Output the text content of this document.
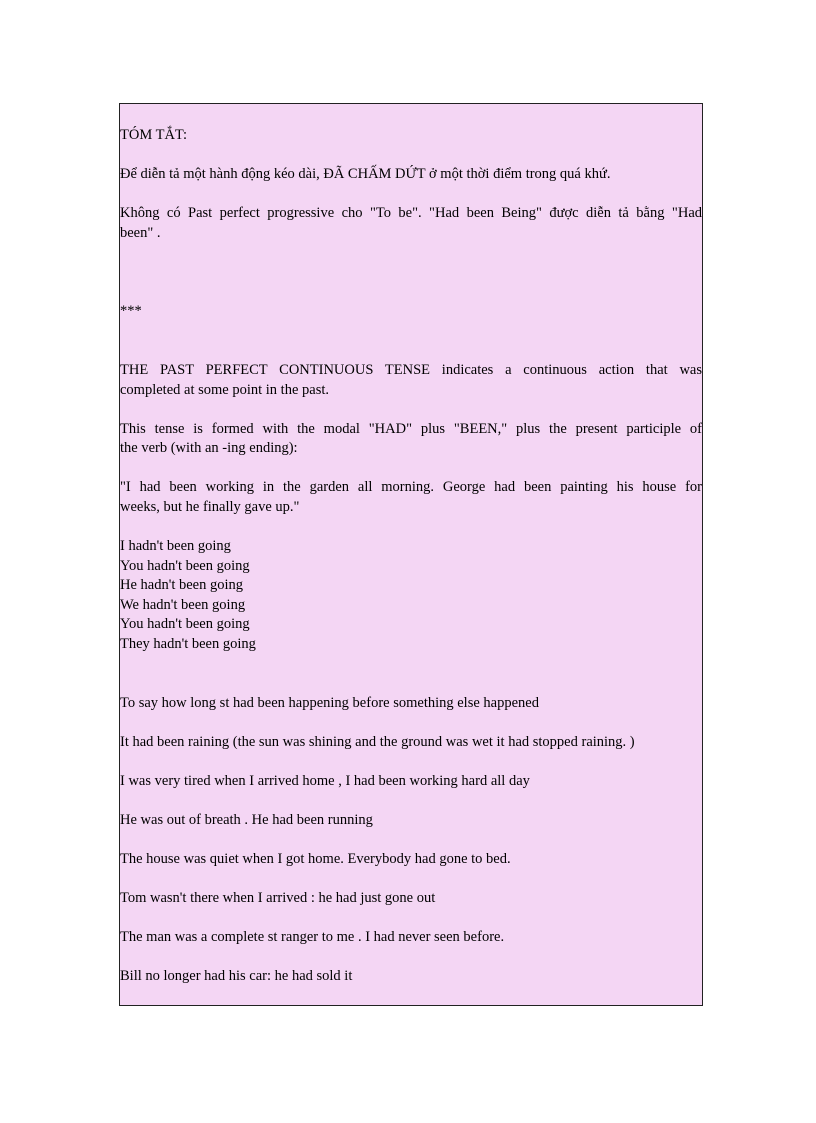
TÓM TẮT:

Để diễn tả một hành động kéo dài, ĐÃ CHẤM DỨT ở một thời điểm trong quá khứ.

Không có Past perfect progressive cho "To be". "Had been Being" được diễn tả bằng "Had

been" .

***

THE PAST PERFECT CONTINUOUS TENSE indicates a continuous action that was

completed at some point in the past.

This tense is formed with the modal "HAD" plus "BEEN," plus the present participle of

the verb (with an -ing ending):

"I had been working in the garden all morning. George had been painting his house for

weeks, but he finally gave up."

I hadn't been going

You hadn't been going

He hadn't been going

We hadn't been going

You hadn't been going

They hadn't been going

To say how long st had been happening before something else happened

It had been raining (the sun was shining and the ground was wet it had stopped raining. )

I was very tired when I arrived home , I had been working hard all day

He was out of breath . He had been running

The house was quiet when I got home. Everybody had gone to bed.

Tom wasn't there when I arrived : he had just gone out

The man was a complete st ranger to me . I had never seen before.

Bill no longer had his car: he had sold it
